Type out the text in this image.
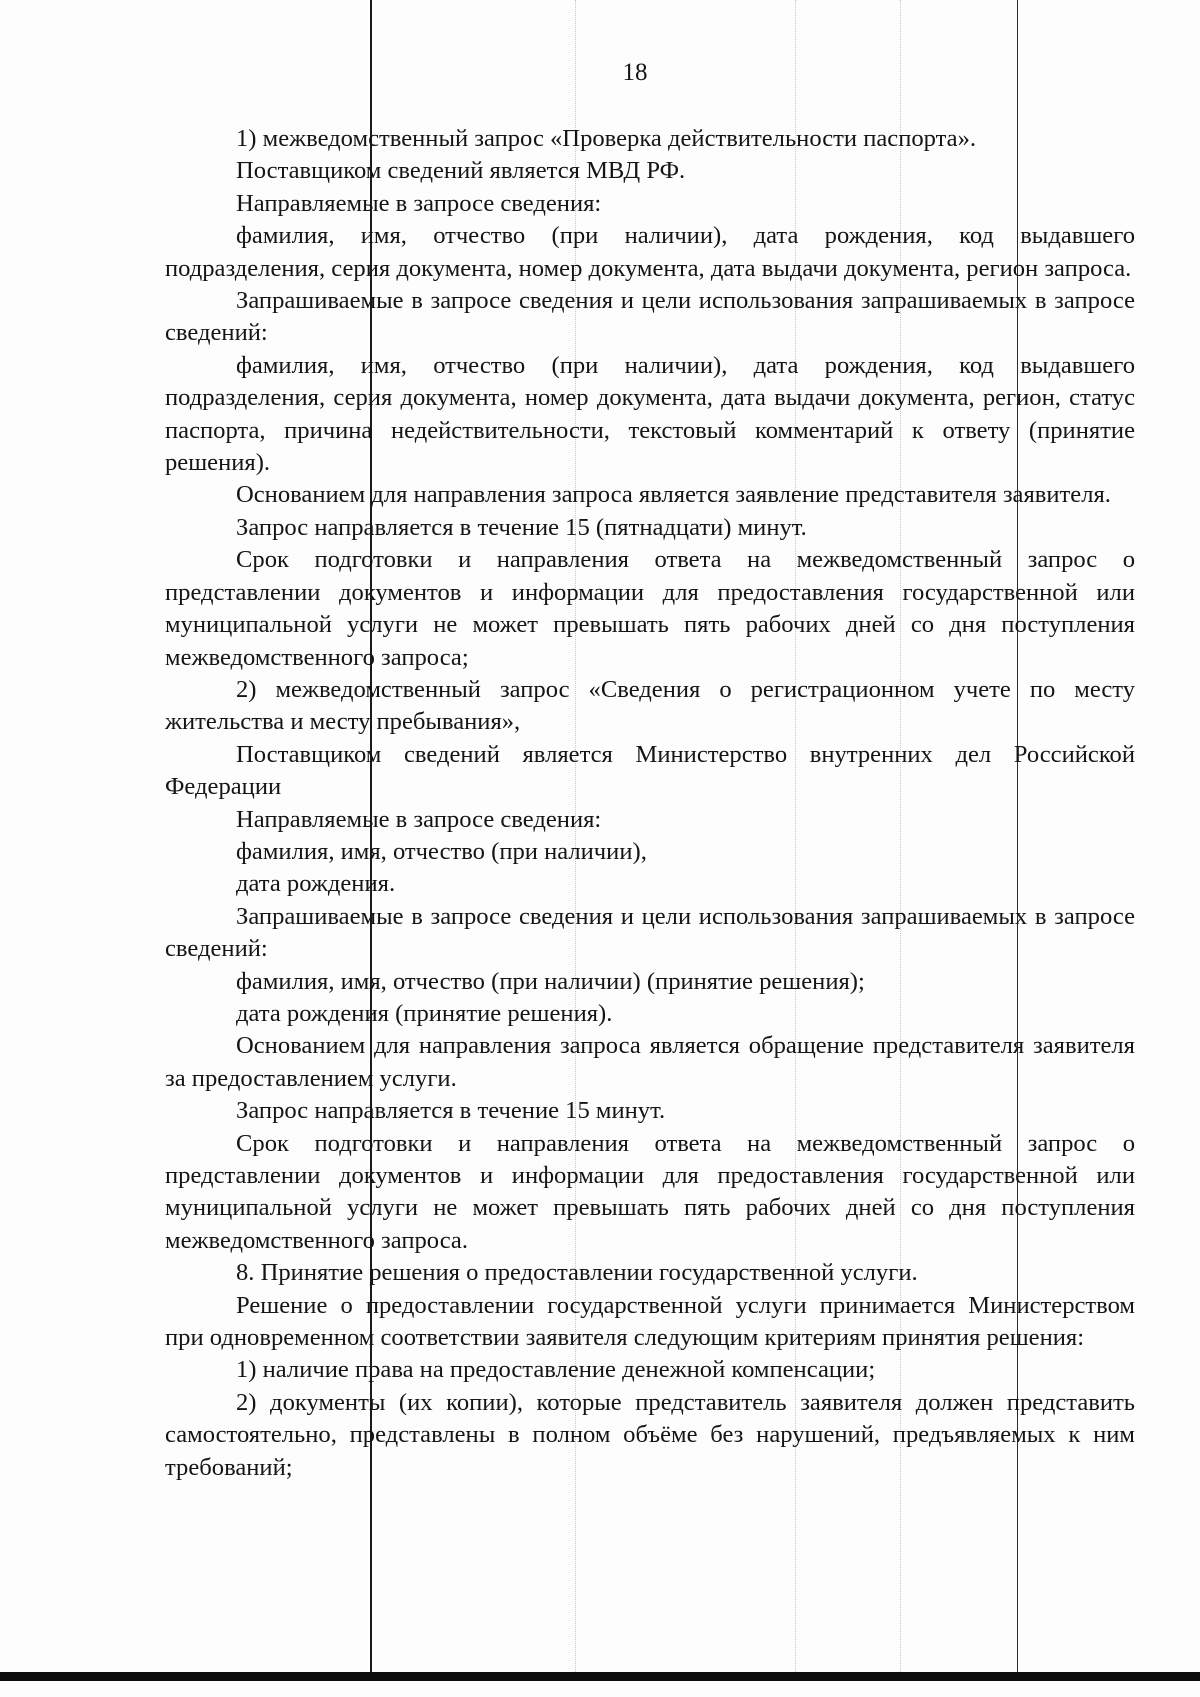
18

1) межведомственный запрос «Проверка действительности паспорта».

Поставщиком сведений является МВД РФ.

Направляемые в запросе сведения:

фамилия, имя, отчество (при наличии), дата рождения, код выдавшего подразделения, серия документа, номер документа, дата выдачи документа, регион запроса.

Запрашиваемые в запросе сведения и цели использования запрашиваемых в запросе сведений:

фамилия, имя, отчество (при наличии), дата рождения, код выдавшего подразделения, серия документа, номер документа, дата выдачи документа, регион, статус паспорта, причина недействительности, текстовый комментарий к ответу (принятие решения).

Основанием для направления запроса является заявление представителя заявителя.

Запрос направляется в течение 15 (пятнадцати) минут.

Срок подготовки и направления ответа на межведомственный запрос о представлении документов и информации для предоставления государственной или муниципальной услуги не может превышать пять рабочих дней со дня поступления межведомственного запроса;

2) межведомственный запрос «Сведения о регистрационном учете по месту жительства и месту пребывания»,

Поставщиком сведений является Министерство внутренних дел Российской Федерации

Направляемые в запросе сведения:

фамилия, имя, отчество (при наличии),

дата рождения.

Запрашиваемые в запросе сведения и цели использования запрашиваемых в запросе сведений:

фамилия, имя, отчество (при наличии) (принятие решения);

дата рождения (принятие решения).

Основанием для направления запроса является обращение представителя заявителя за предоставлением услуги.

Запрос направляется в течение 15 минут.

Срок подготовки и направления ответа на межведомственный запрос о представлении документов и информации для предоставления государственной или муниципальной услуги не может превышать пять рабочих дней со дня поступления межведомственного запроса.

8. Принятие решения о предоставлении государственной услуги.

Решение о предоставлении государственной услуги принимается Министерством при одновременном соответствии заявителя следующим критериям принятия решения:

1) наличие права на предоставление денежной компенсации;

2) документы (их копии), которые представитель заявителя должен представить самостоятельно, представлены в полном объёме без нарушений, предъявляемых к ним требований;
